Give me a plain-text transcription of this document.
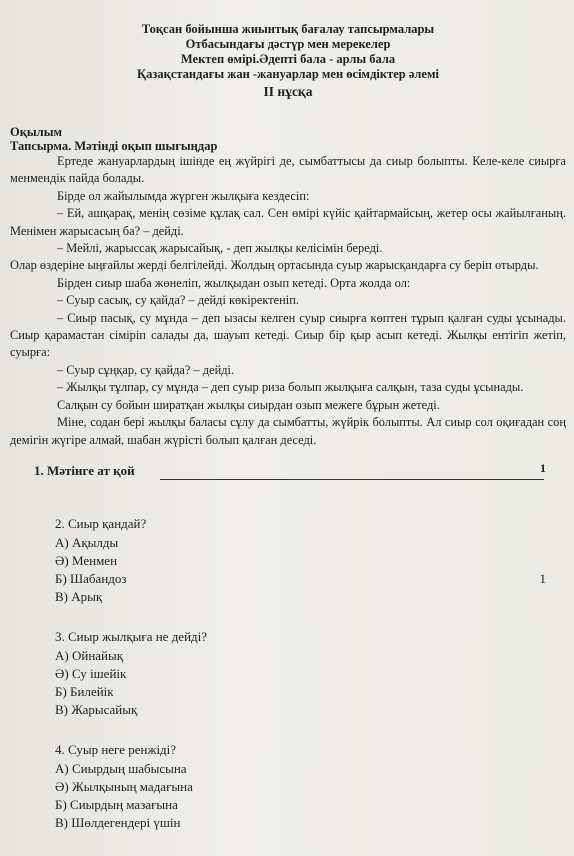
Тоқсан бойынша жиынтық бағалау тапсырмалары
Отбасындағы дәстүр мен мерекелер
Мектеп өмірі.Әдепті бала - арлы бала
Қазақстандағы жан -жануарлар мен өсімдіктер әлемі
II нұсқа
Оқылым
Тапсырма. Мәтінді оқып шығыңдар

Ертеде жануарлардың ішінде ең жүйрігі де, сымбаттысы да сиыр болыпты. Келе-келе сиырға менмендік пайда болады.

Бірде ол жайылымда жүрген жылқыға кездесіп:

– Ей, ашқарақ, менің сөзіме құлақ сал. Сен өмірі күйіс қайтармайсың, жетер осы жайылғаның. Менімен жарысасың ба? – дейді.

– Мейлі, жарыссақ жарысайық, - деп жылқы келісімін береді.

Олар өздеріне ыңғайлы жерді белгілейді. Жолдың ортасында суыр жарысқандарға су беріп отырды.

Бірден сиыр шаба жөнеліп, жылқыдан озып кетеді. Орта жолда ол:

– Суыр сасық, су қайда? – дейді көкіректеніп.

– Сиыр пасық, су мұнда – деп ызасы келген суыр сиырға көптен тұрып қалған суды ұсынады. Сиыр қарамастан сіміріп салады да, шауып кетеді. Сиыр бір қыр асып кетеді. Жылқы ентігіп жетіп, суырға:

– Суыр сұңқар, су қайда? – дейді.

– Жылқы тұлпар, су мұнда – деп суыр риза болып жылқыға салқын, таза суды ұсынады.

Салқын су бойын ширатқан жылқы сиырдан озып межеге бұрын жетеді.

Міне, содан бері жылқы баласы сұлу да сымбатты, жүйрік болыпты. Ал сиыр сол оқиғадан соң демігін жүгіре алмай, шабан жүрісті болып қалған деседі.

1. Мәтінге ат қой	1
2. Сиыр қандай?
А) Ақылды
Ә) Менмен
Б) Шабандоз
В) Арық
3. Сиыр жылқыға не дейді?
А) Ойнайық
Ә) Су ішейік
Б) Билейік
В) Жарысайық
4. Суыр неге ренжіді?
А) Сиырдың шабысына
Ә) Жылқының мадағына
Б) Сиырдың мазағына
В) Шөлдегендері үшін
1
